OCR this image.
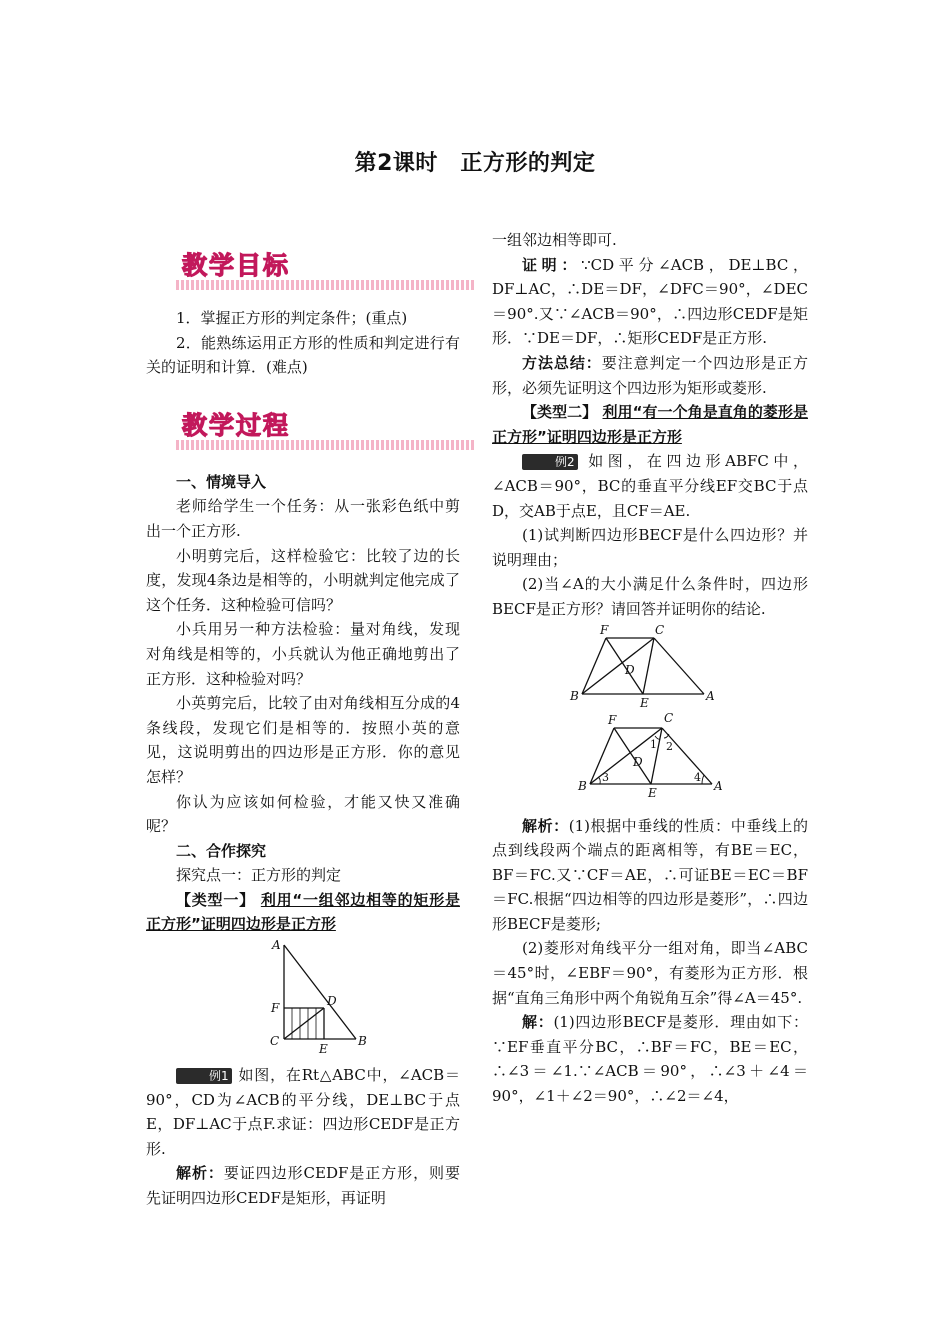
第2课时　正方形的判定
教学目标

1．掌握正方形的判定条件；(重点)

2．能熟练运用正方形的性质和判定进行有关的证明和计算．(难点)

教学过程

一、情境导入

老师给学生一个任务：从一张彩色纸中剪出一个正方形.

小明剪完后，这样检验它：比较了边的长度，发现4条边是相等的，小明就判定他完成了这个任务．这种检验可信吗？

小兵用另一种方法检验：量对角线，发现对角线是相等的，小兵就认为他正确地剪出了正方形．这种检验对吗？

小英剪完后，比较了由对角线相互分成的4条线段，发现它们是相等的．按照小英的意见，这说明剪出的四边形是正方形．你的意见怎样？

你认为应该如何检验，才能又快又准确呢？

二、合作探究

探究点一：正方形的判定

【类型一】 利用“一组邻边相等的矩形是正方形”证明四边形是正方形

A
F	D
C
E
B

例1 如图，在Rt△ABC中，∠ACB＝90°，CD为∠ACB的平分线，DE⊥BC于点E，DF⊥AC于点F.求证：四边形CEDF是正方形.

解析：要证四边形CEDF是正方形，则要先证明四边形CEDF是矩形，再证明

一组邻边相等即可.

证明：∵CD平分∠ACB，DE⊥BC，DF⊥AC，∴DE＝DF，∠DFC＝90°，∠DEC＝90°.又∵∠ACB＝90°，∴四边形CEDF是矩形．∵DE＝DF，∴矩形CEDF是正方形.

方法总结：要注意判定一个四边形是正方形，必须先证明这个四边形为矩形或菱形.

【类型二】 利用“有一个角是直角的菱形是正方形”证明四边形是正方形

例2 如图，在四边形ABFC中，∠ACB＝90°，BC的垂直平分线EF交BC于点D，交AB于点E，且CF＝AE.

(1)试判断四边形BECF是什么四边形？并说明理由；

(2)当∠A的大小满足什么条件时，四边形BECF是正方形？请回答并证明你的结论.

F	C
D
B	E	A
F	C
D
B	E	A
1 2
3	4

解析：(1)根据中垂线的性质：中垂线上的点到线段两个端点的距离相等，有BE＝EC，BF＝FC.又∵CF＝AE，∴可证BE＝EC＝BF＝FC.根据“四边相等的四边形是菱形”，∴四边形BECF是菱形;

(2)菱形对角线平分一组对角，即当∠ABC＝45°时，∠EBF＝90°，有菱形为正方形．根据“直角三角形中两个角锐角互余”得∠A＝45°.

解：(1)四边形BECF是菱形．理由如下：∵EF垂直平分BC，∴BF＝FC，BE＝EC，∴∠3＝∠1.∵∠ACB＝90°，∴∠3＋∠4＝90°，∠1＋∠2＝90°，∴∠2＝∠4，
